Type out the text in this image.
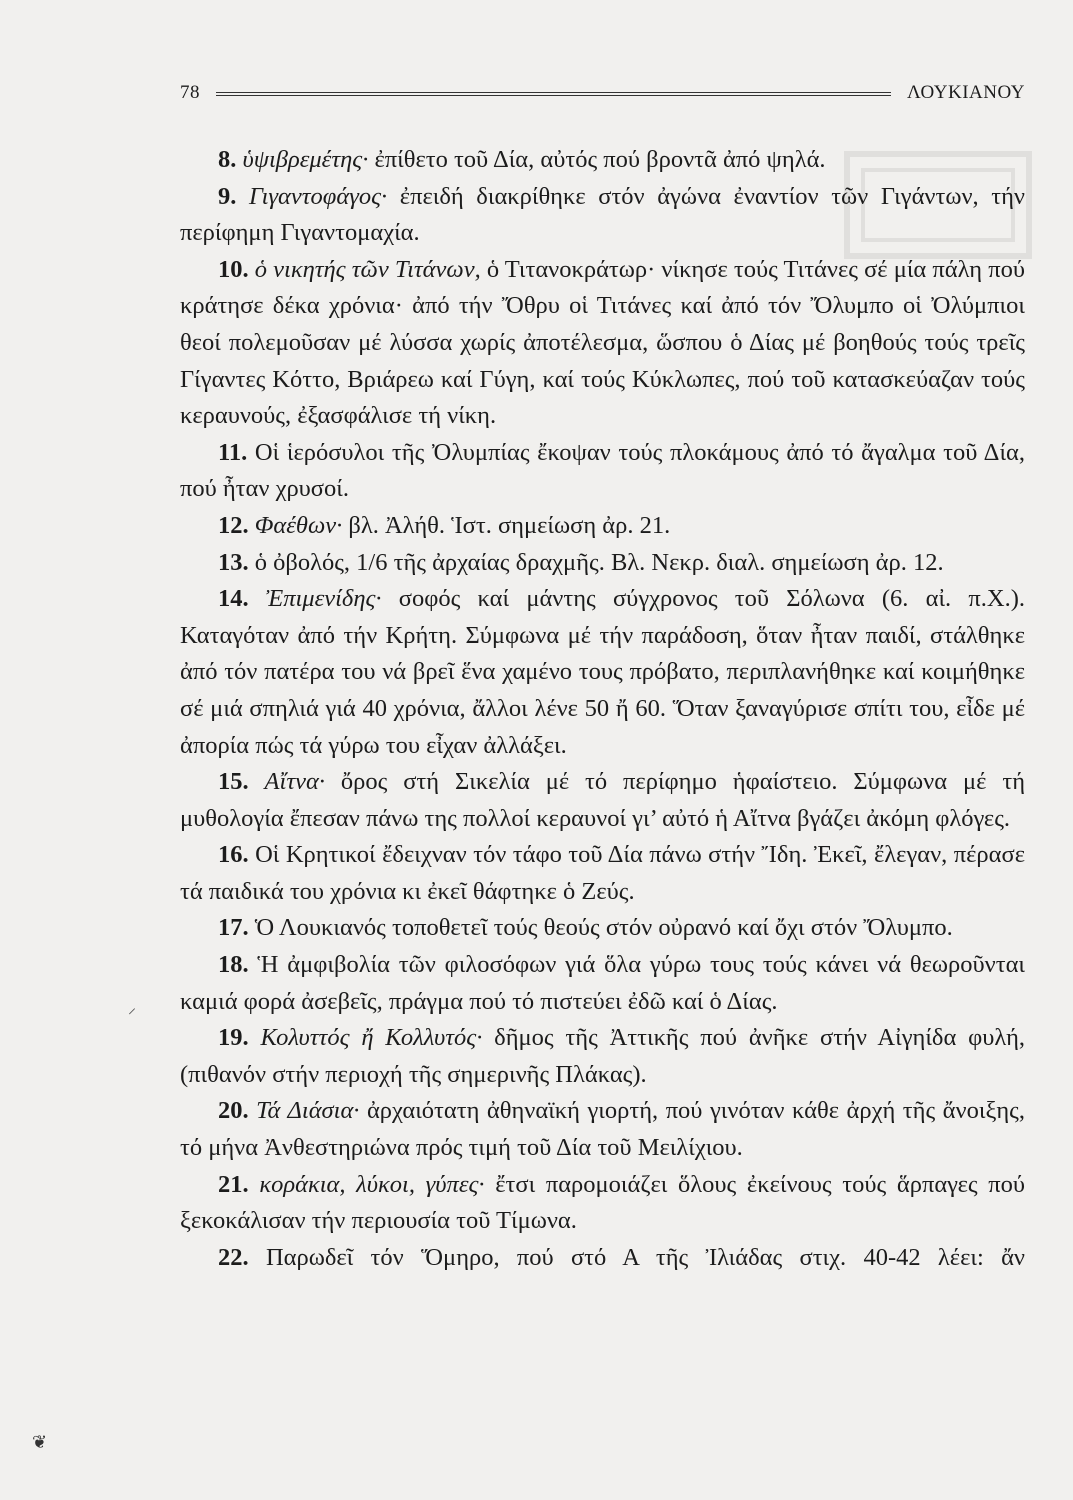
78	ΛΟΥΚΙΑΝΟΥ

8. ὑψιβρεμέτης· ἐπίθετο τοῦ Δία, αὐτός πού βροντᾶ ἀπό ψηλά.

9. Γιγαντοφάγος· ἐπειδή διακρίθηκε στόν ἀγώνα ἐναντίον τῶν Γιγάντων, τήν περίφημη Γιγαντομαχία.

10. ὁ νικητής τῶν Τιτάνων, ὁ Τιτανοκράτωρ· νίκησε τούς Τιτάνες σέ μία πάλη πού κράτησε δέκα χρόνια· ἀπό τήν Ὄθρυ οἱ Τιτάνες καί ἀπό τόν Ὄλυμπο οἱ Ὀλύμπιοι θεοί πολεμοῦσαν μέ λύσσα χωρίς ἀποτέλεσμα, ὥσπου ὁ Δίας μέ βοηθούς τούς τρεῖς Γίγαντες Κόττο, Βριάρεω καί Γύγη, καί τούς Κύκλωπες, πού τοῦ κατασκεύαζαν τούς κεραυνούς, ἐξασφάλισε τή νίκη.

11. Οἱ ἱερόσυλοι τῆς Ὀλυμπίας ἔκοψαν τούς πλοκάμους ἀπό τό ἄγαλμα τοῦ Δία, πού ἦταν χρυσοί.

12. Φαέθων· βλ. Ἀλήθ. Ἱστ. σημείωση ἀρ. 21.

13. ὁ ὀβολός, 1/6 τῆς ἀρχαίας δραχμῆς. Βλ. Νεκρ. διαλ. σημείωση ἀρ. 12.

14. Ἐπιμενίδης· σοφός καί μάντης σύγχρονος τοῦ Σόλωνα (6. αἰ. π.Χ.). Καταγόταν ἀπό τήν Κρήτη. Σύμφωνα μέ τήν παράδοση, ὅταν ἦταν παιδί, στάλθηκε ἀπό τόν πατέρα του νά βρεῖ ἕνα χαμένο τους πρόβατο, περιπλανήθηκε καί κοιμήθηκε σέ μιά σπηλιά γιά 40 χρόνια, ἄλλοι λένε 50 ἤ 60. Ὅταν ξαναγύρισε σπίτι του, εἶδε μέ ἀπορία πώς τά γύρω του εἶχαν ἀλλάξει.

15. Αἴτνα· ὄρος στή Σικελία μέ τό περίφημο ἡφαίστειο. Σύμφωνα μέ τή μυθολογία ἔπεσαν πάνω της πολλοί κεραυνοί γι’ αὐτό ἡ Αἴτνα βγάζει ἀκόμη φλόγες.

16. Οἱ Κρητικοί ἔδειχναν τόν τάφο τοῦ Δία πάνω στήν Ἴδη. Ἐκεῖ, ἔλεγαν, πέρασε τά παιδικά του χρόνια κι ἐκεῖ θάφτηκε ὁ Ζεύς.

17. Ὁ Λουκιανός τοποθετεῖ τούς θεούς στόν οὐρανό καί ὄχι στόν Ὄλυμπο.

18. Ἡ ἀμφιβολία τῶν φιλοσόφων γιά ὅλα γύρω τους τούς κάνει νά θεωροῦνται καμιά φορά ἀσεβεῖς, πράγμα πού τό πιστεύει ἐδῶ καί ὁ Δίας.

19. Κολυττός ἤ Κολλυτός· δῆμος τῆς Ἀττικῆς πού ἀνῆκε στήν Αἰγηίδα φυλή, (πιθανόν στήν περιοχή τῆς σημερινῆς Πλάκας).

20. Τά Διάσια· ἀρχαιότατη ἀθηναϊκή γιορτή, πού γινόταν κάθε ἀρχή τῆς ἄνοιξης, τό μήνα Ἀνθεστηριώνα πρός τιμή τοῦ Δία τοῦ Μειλίχιου.

21. κοράκια, λύκοι, γύπες· ἔτσι παρομοιάζει ὅλους ἐκείνους τούς ἅρπαγες πού ξεκοκάλισαν τήν περιουσία τοῦ Τίμωνα.

22. Παρωδεῖ τόν Ὅμηρο, πού στό Α τῆς Ἰλιάδας στιχ. 40-42 λέει: ἄν

⸝
❦
